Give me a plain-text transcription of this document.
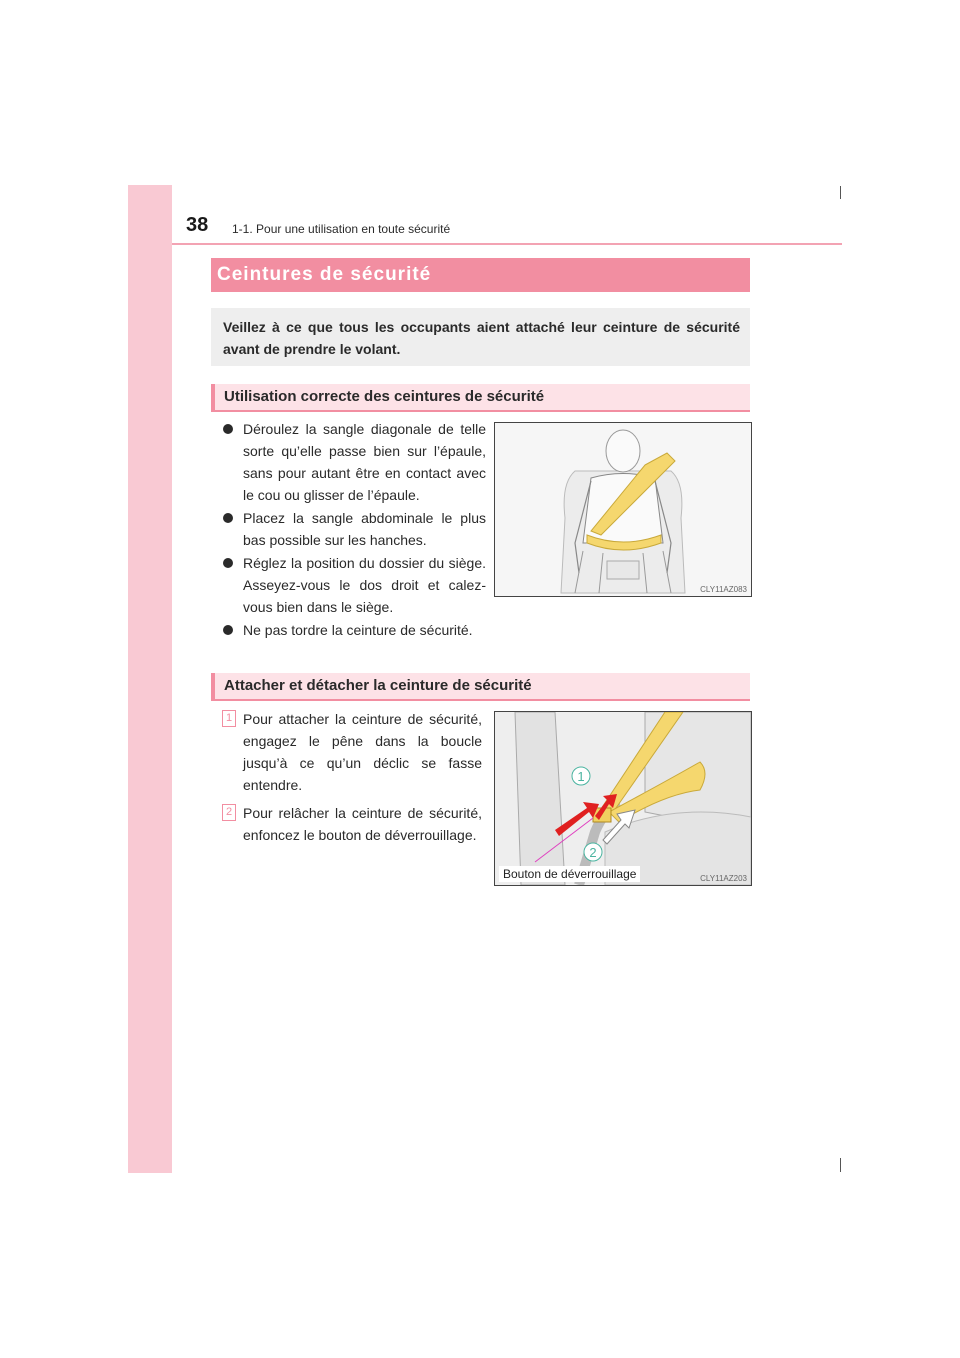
38 1-1. Pour une utilisation en toute sécurité
Ceintures de sécurité
Veillez à ce que tous les occupants aient attaché leur ceinture de sécurité avant de prendre le volant.
Utilisation correcte des ceintures de sécurité
Déroulez la sangle diagonale de telle sorte qu’elle passe bien sur l’épaule, sans pour autant être en contact avec le cou ou glisser de l’épaule.
Placez la sangle abdominale le plus bas possible sur les hanches.
Réglez la position du dossier du siège. Asseyez-vous le dos droit et calez-vous bien dans le siège.
Ne pas tordre la ceinture de sécurité.
CLY11AZ083
Attacher et détacher la ceinture de sécurité
1 Pour attacher la ceinture de sécurité, engagez le pêne dans la boucle jusqu’à ce qu’un déclic se fasse entendre.
2 Pour relâcher la ceinture de sécurité, enfoncez le bouton de déverrouillage.
1
2
Bouton de déverrouillage	CLY11AZ203
